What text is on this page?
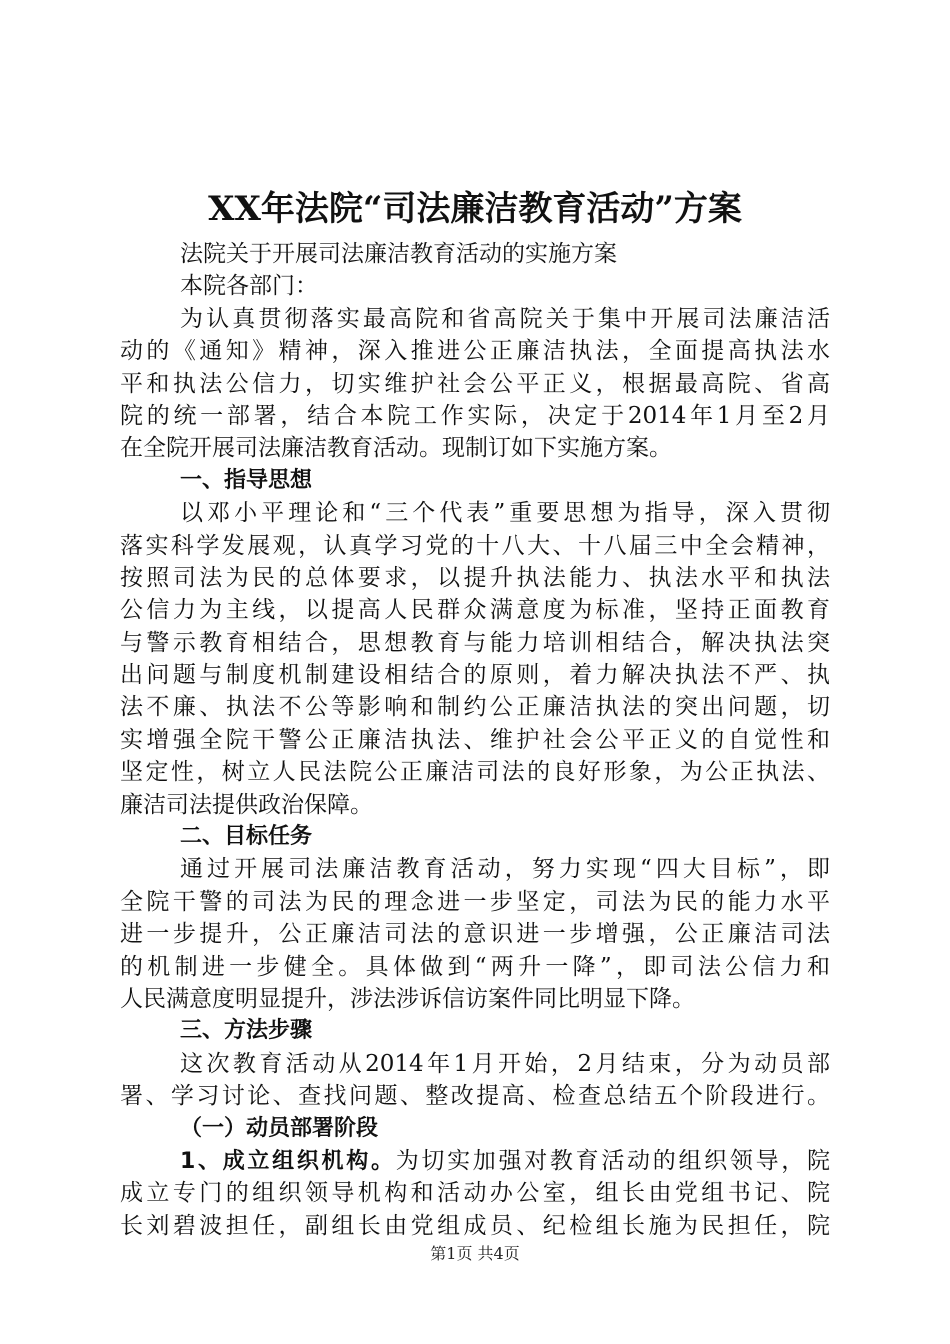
XX年法院“司法廉洁教育活动”方案
法院关于开展司法廉洁教育活动的实施方案
本院各部门：
为认真贯彻落实最高院和省高院关于集中开展司法廉洁活
动的《通知》精神，深入推进公正廉洁执法，全面提高执法水
平和执法公信力，切实维护社会公平正义，根据最高院、省高
院的统一部署，结合本院工作实际，决定于2014年1月至2月
在全院开展司法廉洁教育活动。现制订如下实施方案。
一、指导思想
以邓小平理论和“三个代表”重要思想为指导，深入贯彻
落实科学发展观，认真学习党的十八大、十八届三中全会精神，
按照司法为民的总体要求，以提升执法能力、执法水平和执法
公信力为主线，以提高人民群众满意度为标准，坚持正面教育
与警示教育相结合，思想教育与能力培训相结合，解决执法突
出问题与制度机制建设相结合的原则，着力解决执法不严、执
法不廉、执法不公等影响和制约公正廉洁执法的突出问题，切
实增强全院干警公正廉洁执法、维护社会公平正义的自觉性和
坚定性，树立人民法院公正廉洁司法的良好形象，为公正执法、
廉洁司法提供政治保障。
二、目标任务
通过开展司法廉洁教育活动，努力实现“四大目标”，即
全院干警的司法为民的理念进一步坚定，司法为民的能力水平
进一步提升，公正廉洁司法的意识进一步增强，公正廉洁司法
的机制进一步健全。具体做到“两升一降”，即司法公信力和
人民满意度明显提升，涉法涉诉信访案件同比明显下降。
三、方法步骤
这次教育活动从2014年1月开始，2月结束，分为动员部
署、学习讨论、查找问题、整改提高、检查总结五个阶段进行。
（一）动员部署阶段
1、成立组织机构。为切实加强对教育活动的组织领导，院
成立专门的组织领导机构和活动办公室，组长由党组书记、院
长刘碧波担任，副组长由党组成员、纪检组长施为民担任，院
第1页 共4页
